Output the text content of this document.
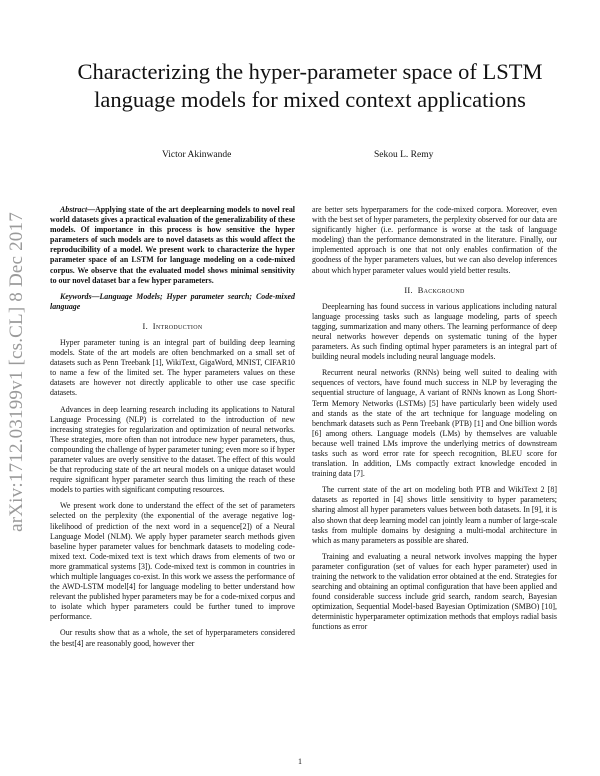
arXiv:1712.03199v1 [cs.CL] 8 Dec 2017
Characterizing the hyper-parameter space of LSTM language models for mixed context applications
Victor Akinwande	Sekou L. Remy

Abstract—Applying state of the art deeplearning models to novel real world datasets gives a practical evaluation of the generalizability of these models. Of importance in this process is how sensitive the hyper parameters of such models are to novel datasets as this would affect the reproducibility of a model. We present work to characterize the hyper parameter space of an LSTM for language modeling on a code-mixed corpus. We observe that the evaluated model shows minimal sensitivity to our novel dataset bar a few hyper parameters.

Keywords—Language Models; Hyper parameter search; Code-mixed language

I. Introduction

Hyper parameter tuning is an integral part of building deep learning models. State of the art models are often benchmarked on a small set of datasets such as Penn Treebank [1], WikiText, GigaWord, MNIST, CIFAR10 to name a few of the limited set. The hyper parameters values on these datasets are however not directly applicable to other use case specific datasets.

Advances in deep learning research including its applications to Natural Language Processing (NLP) is correlated to the introduction of new increasing strategies for regularization and optimization of neural networks. These strategies, more often than not introduce new hyper parameters, thus, compounding the challenge of hyper parameter tuning; even more so if hyper parameter values are overly sensitive to the dataset. The effect of this would be that reproducing state of the art neural models on a unique dataset would require significant hyper parameter search thus limiting the reach of these models to parties with significant computing resources.

We present work done to understand the effect of the set of parameters selected on the perplexity (the exponential of the average negative log-likelihood of prediction of the next word in a sequence[2]) of a Neural Language Model (NLM). We apply hyper parameter search methods given baseline hyper parameter values for benchmark datasets to modeling code-mixed text. Code-mixed text is text which draws from elements of two or more grammatical systems [3]). Code-mixed text is common in countries in which multiple languages co-exist. In this work we assess the performance of the AWD-LSTM model[4] for language modeling to better understand how relevant the published hyper parameters may be for a code-mixed corpus and to isolate which hyper parameters could be further tuned to improve performance.

Our results show that as a whole, the set of hyperparameters considered the best[4] are reasonably good, however ther

are better sets hyperparamers for the code-mixed corpora. Moreover, even with the best set of hyper parameters, the perplexity observed for our data are significantly higher (i.e. performance is worse at the task of language modeling) than the performance demonstrated in the literature. Finally, our implemented approach is one that not only enables confirmation of the goodness of the hyper parameters values, but we can also develop inferences about which hyper parameter values would yield better results.

II. Background

Deeplearning has found success in various applications including natural language processing tasks such as language modeling, parts of speech tagging, summarization and many others. The learning performance of deep neural networks however depends on systematic tuning of the hyper parameters. As such finding optimal hyper parameters is an integral part of building neural models including neural language models.

Recurrent neural networks (RNNs) being well suited to dealing with sequences of vectors, have found much success in NLP by leveraging the sequential structure of language, A variant of RNNs known as Long Short-Term Memory Networks (LSTMs) [5] have particularly been widely used and stands as the state of the art technique for language modeling on benchmark datasets such as Penn Treebank (PTB) [1] and One billion words [6] among others. Language models (LMs) by themselves are valuable because well trained LMs improve the underlying metrics of downstream tasks such as word error rate for speech recognition, BLEU score for translation. In addition, LMs compactly extract knowledge encoded in training data [7].

The current state of the art on modeling both PTB and WikiText 2 [8] datasets as reported in [4] shows little sensitivity to hyper parameters; sharing almost all hyper parameters values between both datasets. In [9], it is also shown that deep learning model can jointly learn a number of large-scale tasks from multiple domains by designing a multi-modal architecture in which as many parameters as possible are shared.

Training and evaluating a neural network involves mapping the hyper parameter configuration (set of values for each hyper parameter) used in training the network to the validation error obtained at the end. Strategies for searching and obtaining an optimal configuration that have been applied and found considerable success include grid search, random search, Bayesian optimization, Sequential Model-based Bayesian Optimization (SMBO) [10], deterministic hyperparameter optimization methods that employs radial basis functions as error

1
